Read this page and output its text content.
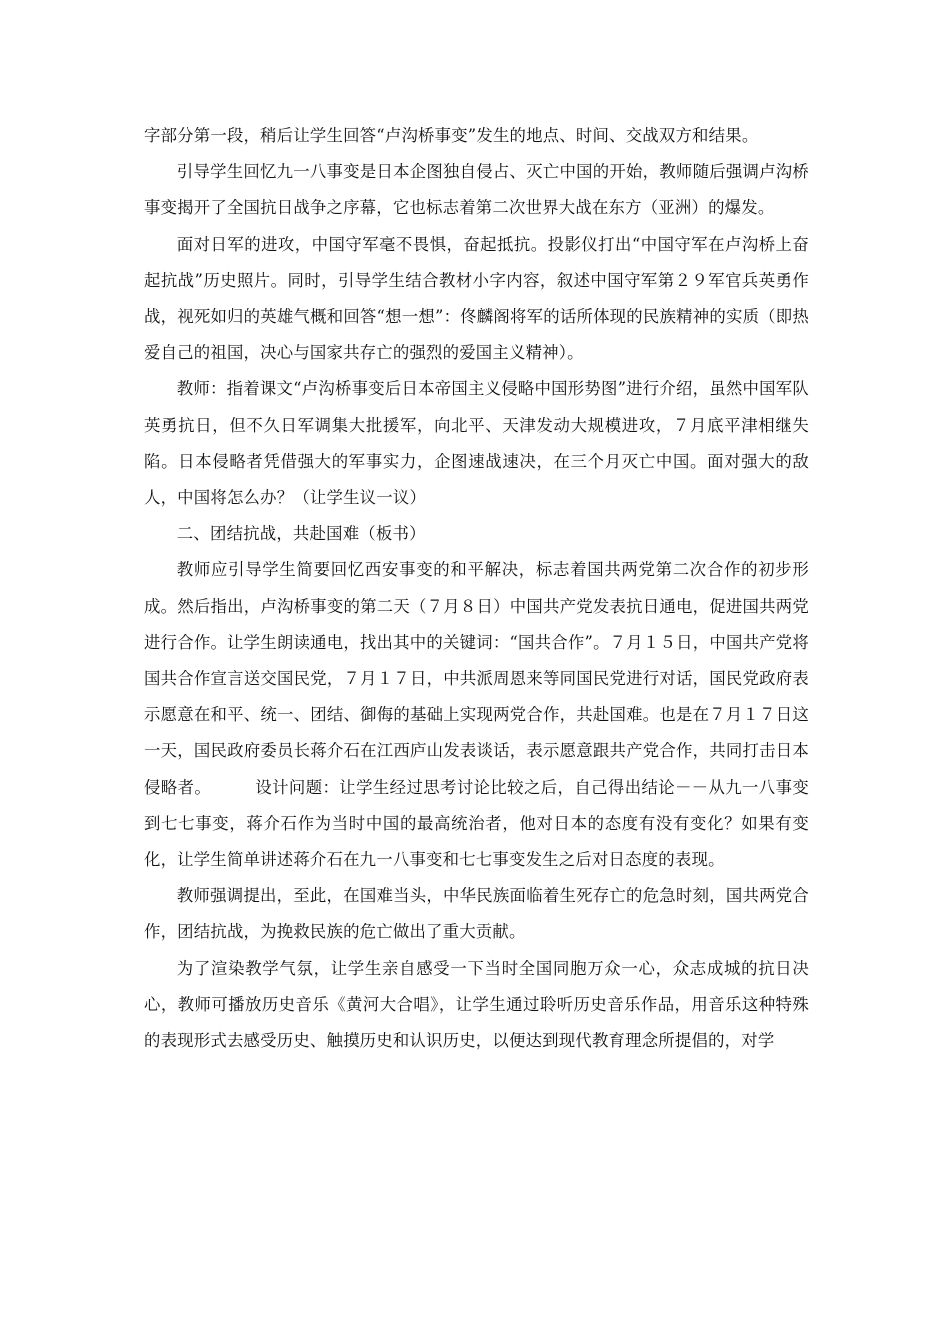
字部分第一段，稍后让学生回答“卢沟桥事变”发生的地点、时间、交战双方和结果。

引导学生回忆九一八事变是日本企图独自侵占、灭亡中国的开始，教师随后强调卢沟桥事变揭开了全国抗日战争之序幕，它也标志着第二次世界大战在东方（亚洲）的爆发。

面对日军的进攻，中国守军毫不畏惧，奋起抵抗。投影仪打出“中国守军在卢沟桥上奋起抗战”历史照片。同时，引导学生结合教材小字内容，叙述中国守军第２９军官兵英勇作战，视死如归的英雄气概和回答“想一想”：佟麟阁将军的话所体现的民族精神的实质（即热爱自己的祖国，决心与国家共存亡的强烈的爱国主义精神）。

教师：指着课文“卢沟桥事变后日本帝国主义侵略中国形势图”进行介绍，虽然中国军队英勇抗日，但不久日军调集大批援军，向北平、天津发动大规模进攻，７月底平津相继失陷。日本侵略者凭借强大的军事实力，企图速战速决，在三个月灭亡中国。面对强大的敌人，中国将怎么办？（让学生议一议）

二、团结抗战，共赴国难（板书）

教师应引导学生简要回忆西安事变的和平解决，标志着国共两党第二次合作的初步形成。然后指出，卢沟桥事变的第二天（７月８日）中国共产党发表抗日通电，促进国共两党进行合作。让学生朗读通电，找出其中的关键词：“国共合作”。７月１５日，中国共产党将国共合作宣言送交国民党，７月１７日，中共派周恩来等同国民党进行对话，国民党政府表示愿意在和平、统一、团结、御侮的基础上实现两党合作，共赴国难。也是在７月１７日这一天，国民政府委员长蒋介石在江西庐山发表谈话，表示愿意跟共产党合作，共同打击日本侵略者。	设计问题：让学生经过思考讨论比较之后，自己得出结论－－从九一八事变到七七事变，蒋介石作为当时中国的最高统治者，他对日本的态度有没有变化？如果有变化，让学生简单讲述蒋介石在九一八事变和七七事变发生之后对日态度的表现。

教师强调提出，至此，在国难当头，中华民族面临着生死存亡的危急时刻，国共两党合作，团结抗战，为挽救民族的危亡做出了重大贡献。

为了渲染教学气氛，让学生亲自感受一下当时全国同胞万众一心，众志成城的抗日决心，教师可播放历史音乐《黄河大合唱》，让学生通过聆听历史音乐作品，用音乐这种特殊的表现形式去感受历史、触摸历史和认识历史，以便达到现代教育理念所提倡的，对学
